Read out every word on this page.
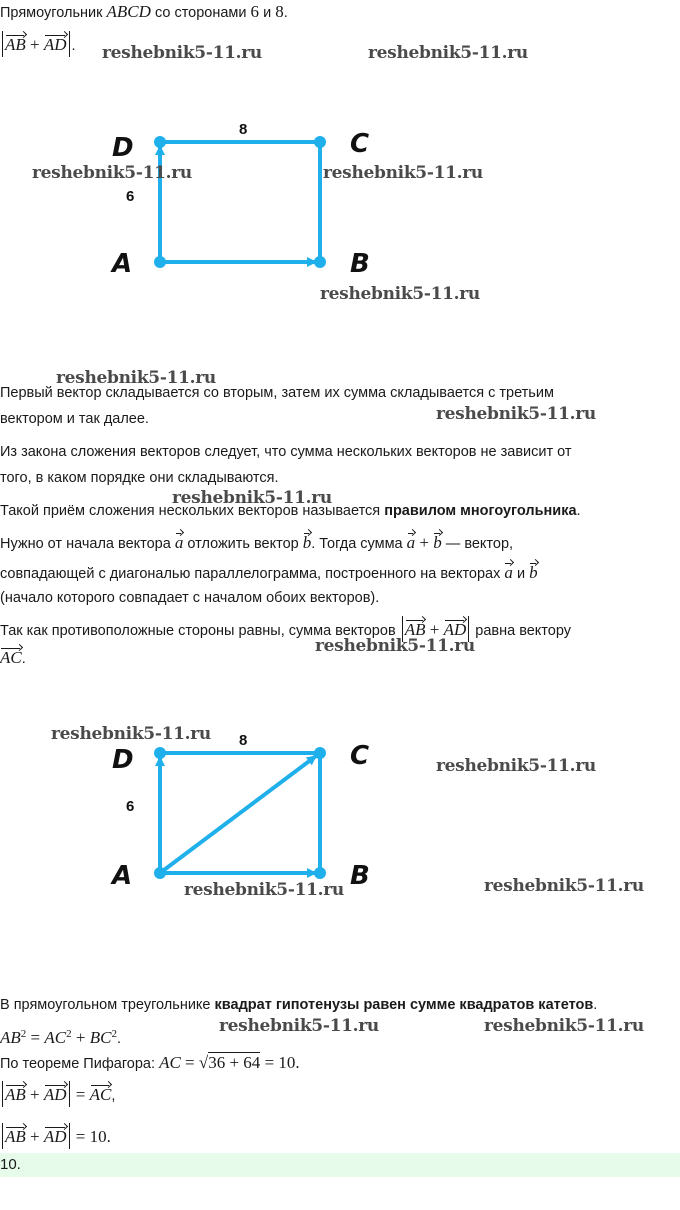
Прямоугольник ABCD со сторонами 6 и 8.
AB + AD .
D	C
A	B
8
6
Первый вектор складывается со вторым, затем их сумма складывается с третьим
вектором и так далее.
Из закона сложения векторов следует, что сумма нескольких векторов не зависит от
того, в каком порядке они складываются.
Такой приём сложения нескольких векторов называется правилом многоугольника.
Нужно от начала вектора a отложить вектор b. Тогда сумма a + b — вектор,
совпадающей с диагональю параллелограмма, построенного на векторах a и b
(начало которого совпадает с началом обоих векторов).
Так как противоположные стороны равны, сумма векторов AB + AD равна вектору
AC.
D	C
A	B
8
6
В прямоугольном треугольнике квадрат гипотенузы равен сумме квадратов катетов.
$AB^2 = AC^2 + BC^2$.
По теореме Пифагора: AC = √36 + 64 = 10.
AB + AD = AC,
AB + AD = 10.
10.
reshebnik5-11.ru	reshebnik5-11.ru
reshebnik5-11.ru	reshebnik5-11.ru
reshebnik5-11.ru
reshebnik5-11.ru
reshebnik5-11.ru
reshebnik5-11.ru
reshebnik5-11.ru
reshebnik5-11.ru
reshebnik5-11.ru
reshebnik5-11.ru	reshebnik5-11.ru
reshebnik5-11.ru	reshebnik5-11.ru
